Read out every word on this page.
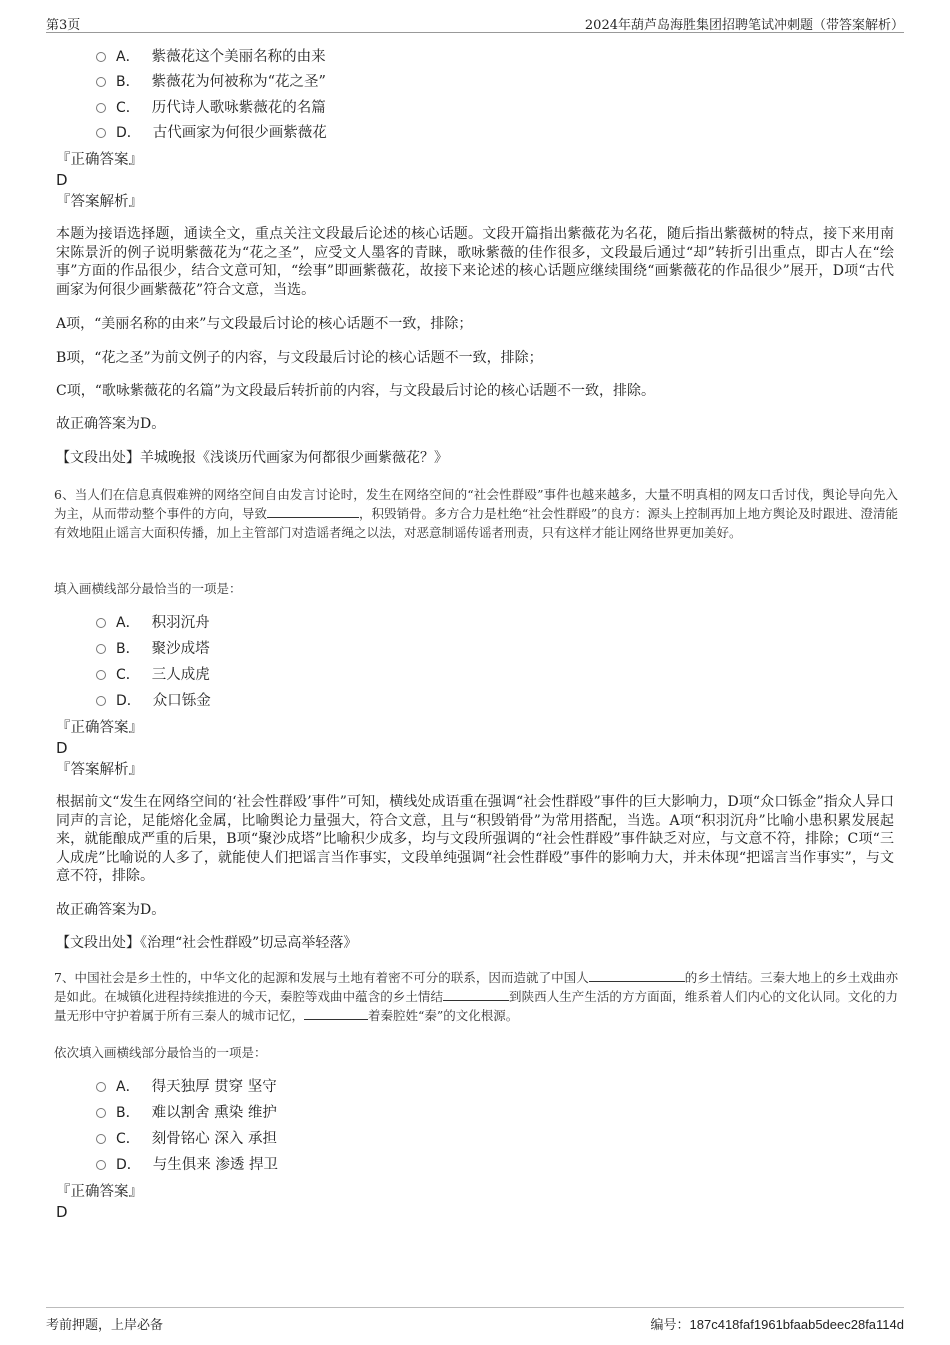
第3页	2024年葫芦岛海胜集团招聘笔试冲刺题（带答案解析）
A． 紫薇花这个美丽名称的由来
B． 紫薇花为何被称为“花之圣”
C． 历代诗人歌咏紫薇花的名篇
D． 古代画家为何很少画紫薇花
『正确答案』
D
『答案解析』
本题为接语选择题，通读全文，重点关注文段最后论述的核心话题。文段开篇指出紫薇花为名花，随后指出紫薇树的特点，接下来用南宋陈景沂的例子说明紫薇花为“花之圣”，应受文人墨客的青睐，歌咏紫薇的佳作很多，文段最后通过“却”转折引出重点，即古人在“绘事”方面的作品很少，结合文意可知，“绘事”即画紫薇花，故接下来论述的核心话题应继续围绕“画紫薇花的作品很少”展开，D项“古代画家为何很少画紫薇花”符合文意，当选。
A项，“美丽名称的由来”与文段最后讨论的核心话题不一致，排除；
B项，“花之圣”为前文例子的内容，与文段最后讨论的核心话题不一致，排除；
C项，“歌咏紫薇花的名篇”为文段最后转折前的内容，与文段最后讨论的核心话题不一致，排除。
故正确答案为D。
【文段出处】羊城晚报《浅谈历代画家为何都很少画紫薇花？》
6、当人们在信息真假难辨的网络空间自由发言讨论时，发生在网络空间的“社会性群殴”事件也越来越多，大量不明真相的网友口舌讨伐，舆论导向先入为主，从而带动整个事件的方向，导致	，积毁销骨。多方合力是杜绝“社会性群殴”的良方：源头上控制再加上地方舆论及时跟进、澄清能有效地阻止谣言大面积传播，加上主管部门对造谣者绳之以法，对恶意制谣传谣者刑责，只有这样才能让网络世界更加美好。
填入画横线部分最恰当的一项是：
A． 积羽沉舟
B． 聚沙成塔
C． 三人成虎
D． 众口铄金
『正确答案』
D
『答案解析』
根据前文“发生在网络空间的‘社会性群殴’事件”可知，横线处成语重在强调“社会性群殴”事件的巨大影响力，D项“众口铄金”指众人异口同声的言论，足能熔化金属，比喻舆论力量强大，符合文意，且与“积毁销骨”为常用搭配，当选。A项“积羽沉舟”比喻小患积累发展起来，就能酿成严重的后果，B项“聚沙成塔”比喻积少成多，均与文段所强调的“社会性群殴”事件缺乏对应，与文意不符，排除；C项“三人成虎”比喻说的人多了，就能使人们把谣言当作事实，文段单纯强调“社会性群殴”事件的影响力大，并未体现“把谣言当作事实”，与文意不符，排除。
故正确答案为D。
【文段出处】《治理“社会性群殴”切忌高举轻落》
7、中国社会是乡土性的，中华文化的起源和发展与土地有着密不可分的联系，因而造就了中国人	的乡土情结。三秦大地上的乡土戏曲亦是如此。在城镇化进程持续推进的今天，秦腔等戏曲中蕴含的乡土情结	到陕西人生产生活的方方面面，维系着人们内心的文化认同。文化的力量无形中守护着属于所有三秦人的城市记忆，	着秦腔姓“秦”的文化根源。
依次填入画横线部分最恰当的一项是：
A． 得天独厚 贯穿 坚守
B． 难以割舍 熏染 维护
C． 刻骨铭心 深入 承担
D． 与生俱来 渗透 捍卫
『正确答案』
D
考前押题，上岸必备	编号：187c418faf1961bfaab5deec28fa114d
